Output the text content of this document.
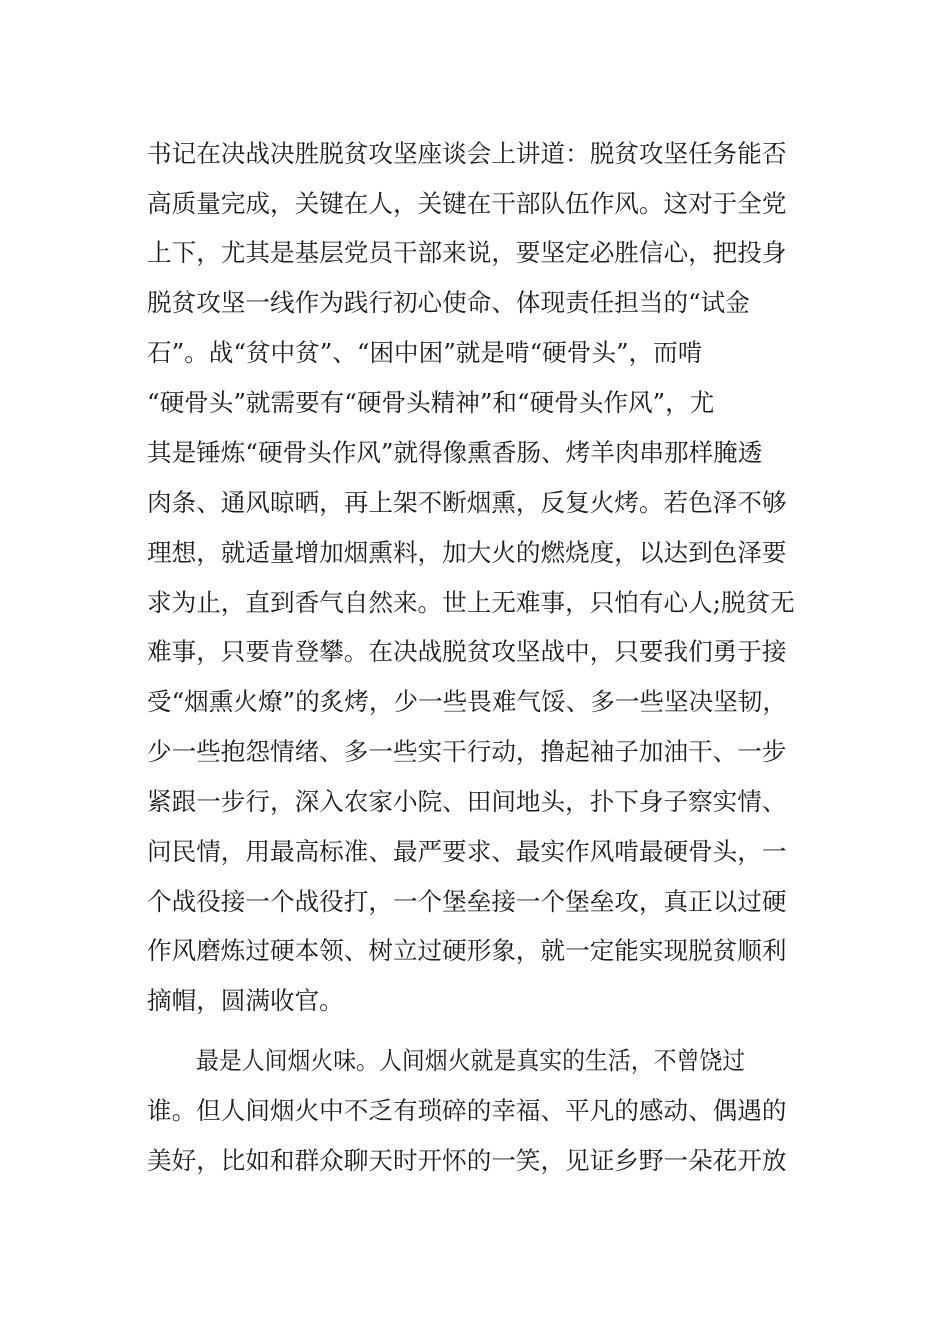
书记在决战决胜脱贫攻坚座谈会上讲道：脱贫攻坚任务能否
高质量完成，关键在人，关键在干部队伍作风。这对于全党
上下，尤其是基层党员干部来说，要坚定必胜信心，把投身
脱贫攻坚一线作为践行初心使命、体现责任担当的“试金
石”。战“贫中贫”、“困中困”就是啃“硬骨头”，而啃
“硬骨头”就需要有“硬骨头精神”和“硬骨头作风”，尤
其是锤炼“硬骨头作风”就得像熏香肠、烤羊肉串那样腌透
肉条、通风晾晒，再上架不断烟熏，反复火烤。若色泽不够
理想，就适量增加烟熏料，加大火的燃烧度，以达到色泽要
求为止，直到香气自然来。世上无难事，只怕有心人;脱贫无
难事，只要肯登攀。在决战脱贫攻坚战中，只要我们勇于接
受“烟熏火燎”的炙烤，少一些畏难气馁、多一些坚决坚韧，
少一些抱怨情绪、多一些实干行动，撸起袖子加油干、一步
紧跟一步行，深入农家小院、田间地头，扑下身子察实情、
问民情，用最高标准、最严要求、最实作风啃最硬骨头，一
个战役接一个战役打，一个堡垒接一个堡垒攻，真正以过硬
作风磨炼过硬本领、树立过硬形象，就一定能实现脱贫顺利
摘帽，圆满收官。
最是人间烟火味。人间烟火就是真实的生活，不曾饶过
谁。但人间烟火中不乏有琐碎的幸福、平凡的感动、偶遇的
美好，比如和群众聊天时开怀的一笑，见证乡野一朵花开放
